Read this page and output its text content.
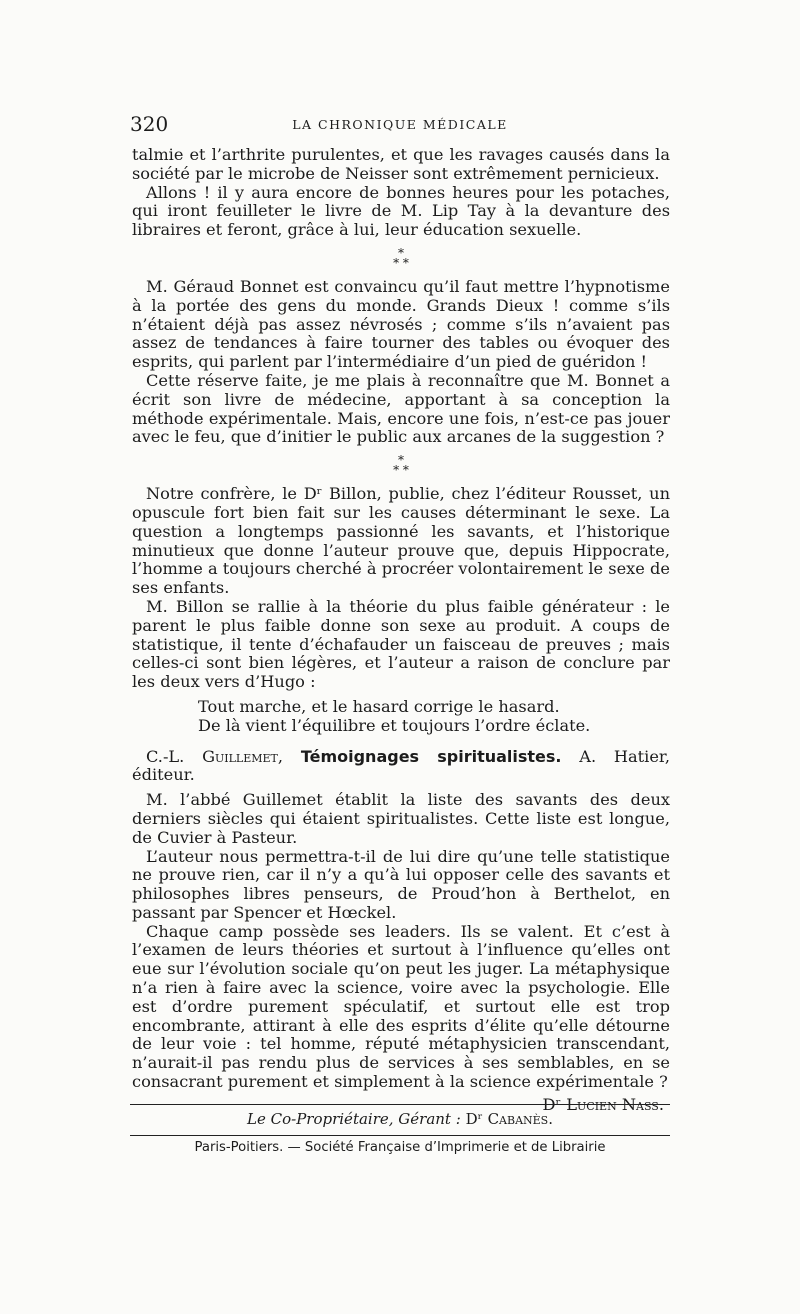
320	LA CHRONIQUE MÉDICALE

talmie et l’arthrite purulentes, et que les ravages causés dans la société par le microbe de Neisser sont extrêmement pernicieux.

Allons ! il y aura encore de bonnes heures pour les potaches, qui iront feuilleter le livre de M. Lip Tay à la devanture des libraires et feront, grâce à lui, leur éducation sexuelle.

*
* *

M. Géraud Bonnet est convaincu qu’il faut mettre l’hypnotisme à la portée des gens du monde. Grands Dieux ! comme s’ils n’étaient déjà pas assez névrosés ; comme s’ils n’avaient pas assez de tendances à faire tourner des tables ou évoquer des esprits, qui parlent par l’intermédiaire d’un pied de guéridon !

Cette réserve faite, je me plais à reconnaître que M. Bonnet a écrit son livre de médecine, apportant à sa conception la méthode expérimentale. Mais, encore une fois, n’est-ce pas jouer avec le feu, que d’initier le public aux arcanes de la suggestion ?

*
* *

Notre confrère, le Dʳ Billon, publie, chez l’éditeur Rousset, un opuscule fort bien fait sur les causes déterminant le sexe. La question a longtemps passionné les savants, et l’historique minutieux que donne l’auteur prouve que, depuis Hippocrate, l’homme a toujours cherché à procréer volontairement le sexe de ses enfants.

M. Billon se rallie à la théorie du plus faible générateur : le parent le plus faible donne son sexe au produit. A coups de statistique, il tente d’échafauder un faisceau de preuves ; mais celles-ci sont bien légères, et l’auteur a raison de conclure par les deux vers d’Hugo :

Tout marche, et le hasard corrige le hasard.

De là vient l’équilibre et toujours l’ordre éclate.

C.-L. Guillemet, Témoignages spiritualistes. A. Hatier, éditeur.

M. l’abbé Guillemet établit la liste des savants des deux derniers siècles qui étaient spiritualistes. Cette liste est longue, de Cuvier à Pasteur.

L’auteur nous permettra-t-il de lui dire qu’une telle statistique ne prouve rien, car il n’y a qu’à lui opposer celle des savants et philosophes libres penseurs, de Proud’hon à Berthelot, en passant par Spencer et Hœckel.

Chaque camp possède ses leaders. Ils se valent. Et c’est à l’examen de leurs théories et surtout à l’influence qu’elles ont eue sur l’évolution sociale qu’on peut les juger. La métaphysique n’a rien à faire avec la science, voire avec la psychologie. Elle est d’ordre purement spéculatif, et surtout elle est trop encombrante, attirant à elle des esprits d’élite qu’elle détourne de leur voie : tel homme, réputé métaphysicien transcendant, n’aurait-il pas rendu plus de services à ses semblables, en se consacrant purement et simplement à la science expérimentale ?

Dʳ Lucien Nass.

Le Co-Propriétaire, Gérant : Dʳ Cabanès.
Paris-Poitiers. — Société Française d’Imprimerie et de Librairie
